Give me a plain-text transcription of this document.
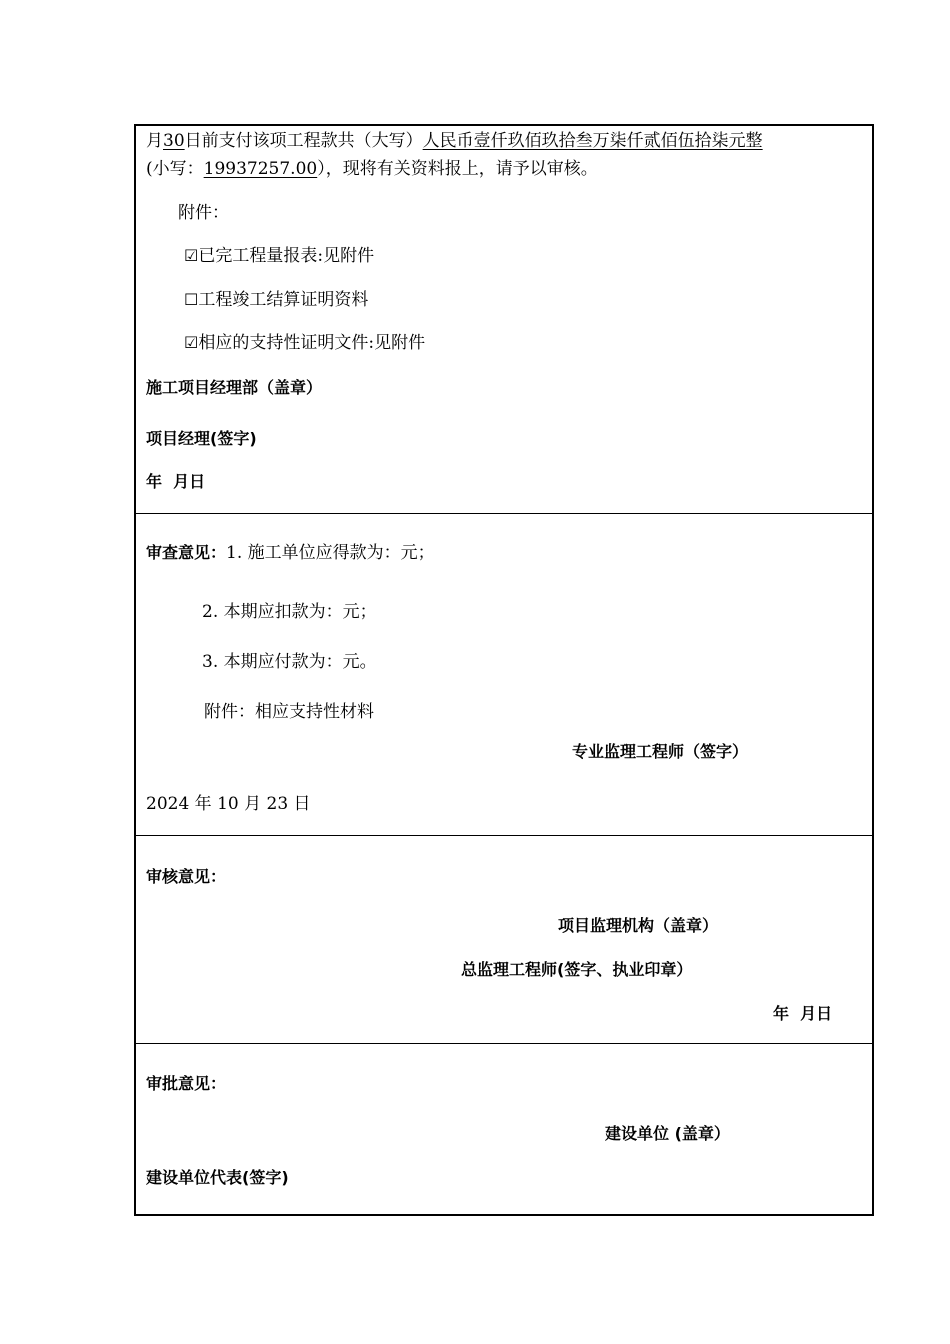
月30日前支付该项工程款共（大写）人民币壹仟玖佰玖拾叁万柒仟贰佰伍拾柒元整
(小写：19937257.00），现将有关资料报上，请予以审核。
附件：
☑已完工程量报表:见附件
☐工程竣工结算证明资料
☑相应的支持性证明文件:见附件
施工项目经理部（盖章）
项目经理(签字)
年  月日
审查意见：1. 施工单位应得款为：元；
2. 本期应扣款为：元；
3. 本期应付款为：元。
附件：相应支持性材料
专业监理工程师（签字）
2024 年 10 月 23 日
审核意见：
项目监理机构（盖章）
总监理工程师(签字、执业印章）
年  月日
审批意见：
建设单位 (盖章）
建设单位代表(签字)
